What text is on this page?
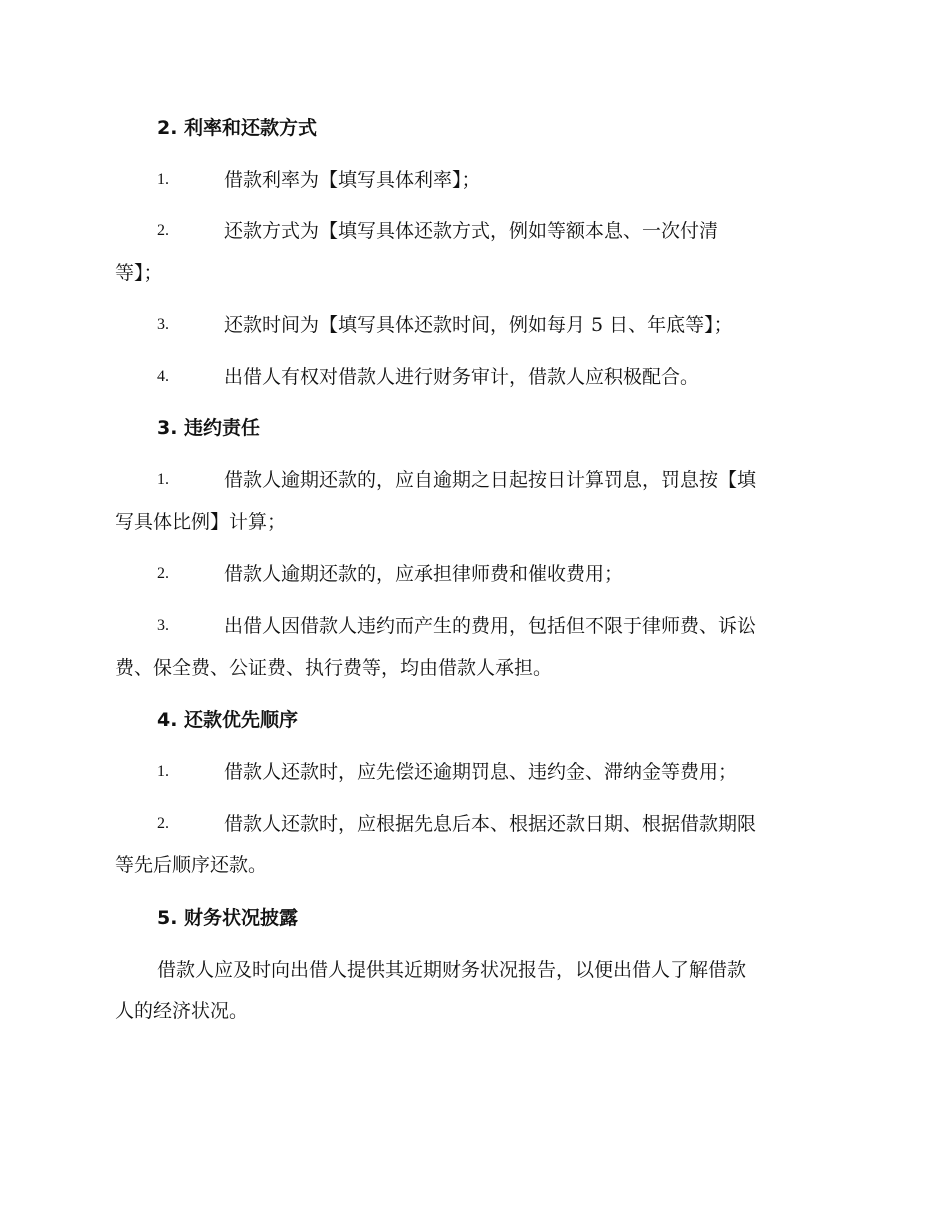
2. 利率和还款方式
1.	借款利率为【填写具体利率】；
2.	还款方式为【填写具体还款方式，例如等额本息、一次付清
等】；
3.	还款时间为【填写具体还款时间，例如每月 5 日、年底等】；
4.	出借人有权对借款人进行财务审计，借款人应积极配合。
3. 违约责任
1.	借款人逾期还款的，应自逾期之日起按日计算罚息，罚息按【填
写具体比例】计算；
2.	借款人逾期还款的，应承担律师费和催收费用；
3.	出借人因借款人违约而产生的费用，包括但不限于律师费、诉讼
费、保全费、公证费、执行费等，均由借款人承担。
4. 还款优先顺序
1.	借款人还款时，应先偿还逾期罚息、违约金、滞纳金等费用；
2.	借款人还款时，应根据先息后本、根据还款日期、根据借款期限
等先后顺序还款。
5. 财务状况披露
借款人应及时向出借人提供其近期财务状况报告，以便出借人了解借款
人的经济状况。
